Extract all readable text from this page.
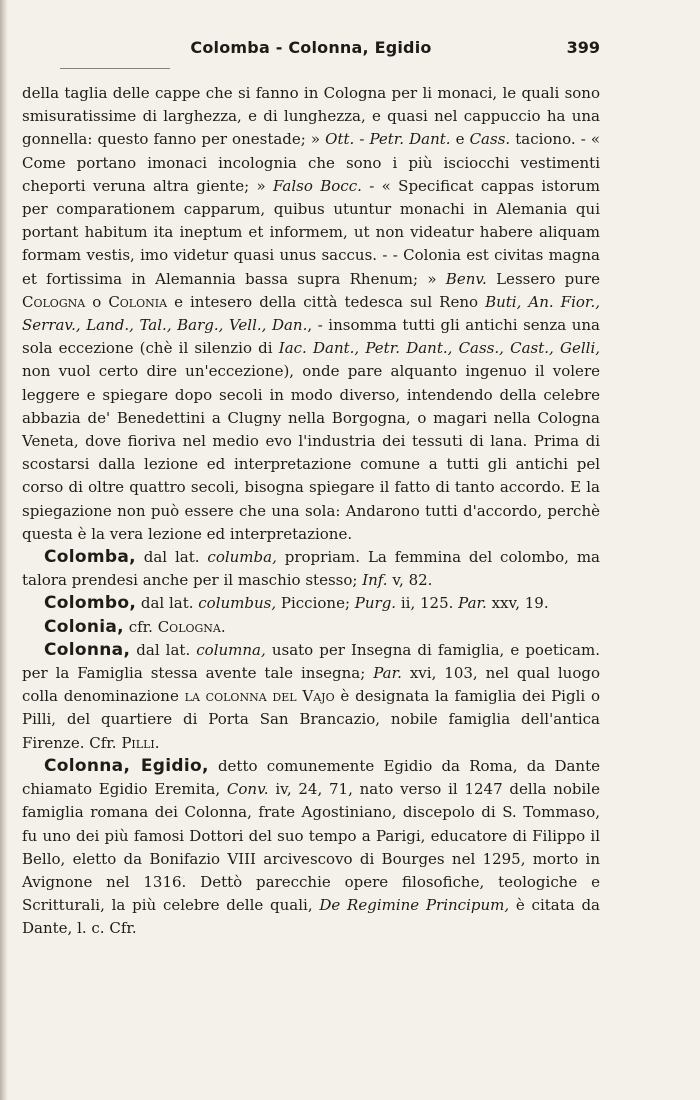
Colomba - Colonna, Egidio	399

della taglia delle cappe che si fanno in Cologna per li monaci, le quali sono smisuratissime di larghezza, e di lunghezza, e quasi nel cappuccio ha una gonnella: questo fanno per onestade; » Ott. - Petr. Dant. e Cass. taciono. - « Come portano imonaci incolognia che sono i più isciocchi vestimenti cheporti veruna altra giente; » Falso Bocc. - « Specificat cappas istorum per comparationem capparum, quibus utuntur monachi in Alemania qui portant habitum ita ineptum et informem, ut non videatur habere aliquam formam vestis, imo videtur quasi unus saccus. - - Colonia est civitas magna et fortissima in Alemannia bassa supra Rhenum; » Benv. Lessero pure Cologna o Colonia e intesero della città tedesca sul Reno Buti, An. Fior., Serrav., Land., Tal., Barg., Vell., Dan., - insomma tutti gli antichi senza una sola eccezione (chè il silenzio di Iac. Dant., Petr. Dant., Cass., Cast., Gelli, non vuol certo dire un'eccezione), onde pare alquanto ingenuo il volere leggere e spiegare dopo secoli in modo diverso, intendendo della celebre abbazia de' Benedettini a Clugny nella Borgogna, o magari nella Cologna Veneta, dove fioriva nel medio evo l'industria dei tessuti di lana. Prima di scostarsi dalla lezione ed interpretazione comune a tutti gli antichi pel corso di oltre quattro secoli, bisogna spiegare il fatto di tanto accordo. E la spiegazione non può essere che una sola: Andarono tutti d'accordo, perchè questa è la vera lezione ed interpretazione.

Colomba, dal lat. columba, propriam. La femmina del colombo, ma talora prendesi anche per il maschio stesso; Inf. v, 82.

Colombo, dal lat. columbus, Piccione; Purg. ii, 125. Par. xxv, 19.

Colonia, cfr. Cologna.

Colonna, dal lat. columna, usato per Insegna di famiglia, e poeticam. per la Famiglia stessa avente tale insegna; Par. xvi, 103, nel qual luogo colla denominazione la colonna del Vajo è designata la famiglia dei Pigli o Pilli, del quartiere di Porta San Brancazio, nobile famiglia dell'antica Firenze. Cfr. Pilli.

Colonna, Egidio, detto comunemente Egidio da Roma, da Dante chiamato Egidio Eremita, Conv. iv, 24, 71, nato verso il 1247 della nobile famiglia romana dei Colonna, frate Agostiniano, discepolo di S. Tommaso, fu uno dei più famosi Dottori del suo tempo a Parigi, educatore di Filippo il Bello, eletto da Bonifazio VIII arcivescovo di Bourges nel 1295, morto in Avignone nel 1316. Dettò parecchie opere filosofiche, teologiche e Scritturali, la più celebre delle quali, De Regimine Principum, è citata da Dante, l. c. Cfr.
